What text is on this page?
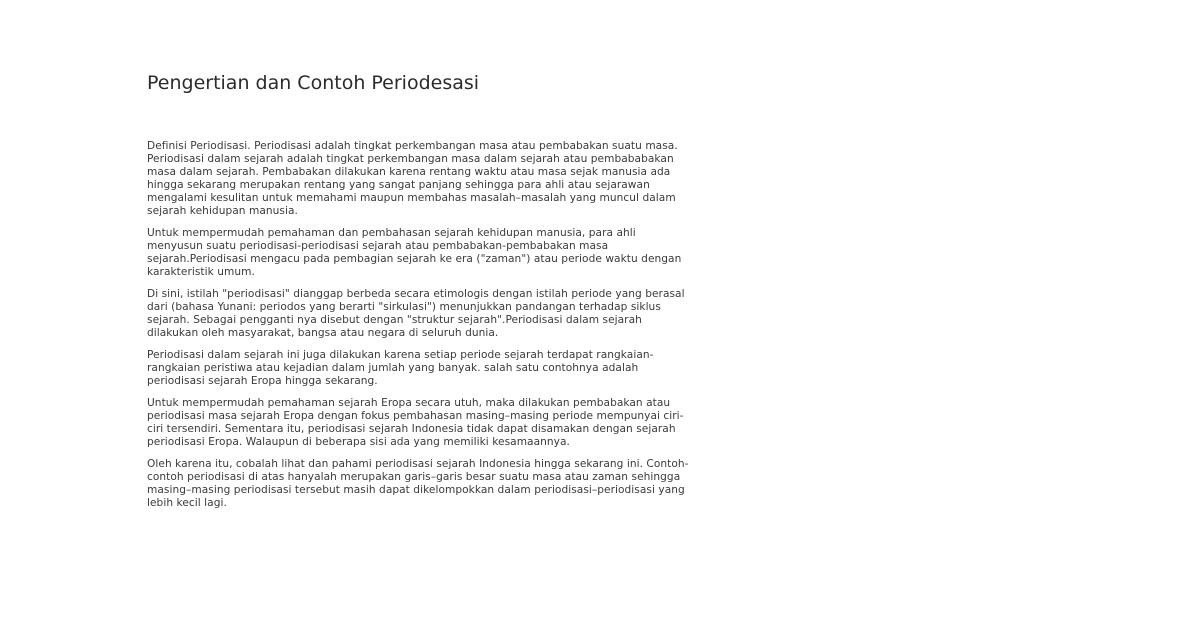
Pengertian dan Contoh Periodesasi

Definisi Periodisasi. Periodisasi adalah tingkat perkembangan masa atau pembabakan suatu masa.
Periodisasi dalam sejarah adalah tingkat perkembangan masa dalam sejarah atau pembababakan
masa dalam sejarah. Pembabakan dilakukan karena rentang waktu atau masa sejak manusia ada
hingga sekarang merupakan rentang yang sangat panjang sehingga para ahli atau sejarawan
mengalami kesulitan untuk memahami maupun membahas masalah–masalah yang muncul dalam
sejarah kehidupan manusia.

Untuk mempermudah pemahaman dan pembahasan sejarah kehidupan manusia, para ahli
menyusun suatu periodisasi-periodisasi sejarah atau pembabakan-pembabakan masa
sejarah.Periodisasi mengacu pada pembagian sejarah ke era ("zaman") atau periode waktu dengan
karakteristik umum.

Di sini, istilah "periodisasi" dianggap berbeda secara etimologis dengan istilah periode yang berasal
dari (bahasa Yunani: periodos yang berarti "sirkulasi") menunjukkan pandangan terhadap siklus
sejarah. Sebagai pengganti nya disebut dengan "struktur sejarah".Periodisasi dalam sejarah
dilakukan oleh masyarakat, bangsa atau negara di seluruh dunia.

Periodisasi dalam sejarah ini juga dilakukan karena setiap periode sejarah terdapat rangkaian-
rangkaian peristiwa atau kejadian dalam jumlah yang banyak. salah satu contohnya adalah
periodisasi sejarah Eropa hingga sekarang.

Untuk mempermudah pemahaman sejarah Eropa secara utuh, maka dilakukan pembabakan atau
periodisasi masa sejarah Eropa dengan fokus pembahasan masing–masing periode mempunyai ciri-
ciri tersendiri. Sementara itu, periodisasi sejarah Indonesia tidak dapat disamakan dengan sejarah
periodisasi Eropa. Walaupun di beberapa sisi ada yang memiliki kesamaannya.

Oleh karena itu, cobalah lihat dan pahami periodisasi sejarah Indonesia hingga sekarang ini. Contoh-
contoh periodisasi di atas hanyalah merupakan garis–garis besar suatu masa atau zaman sehingga
masing–masing periodisasi tersebut masih dapat dikelompokkan dalam periodisasi–periodisasi yang
lebih kecil lagi.
